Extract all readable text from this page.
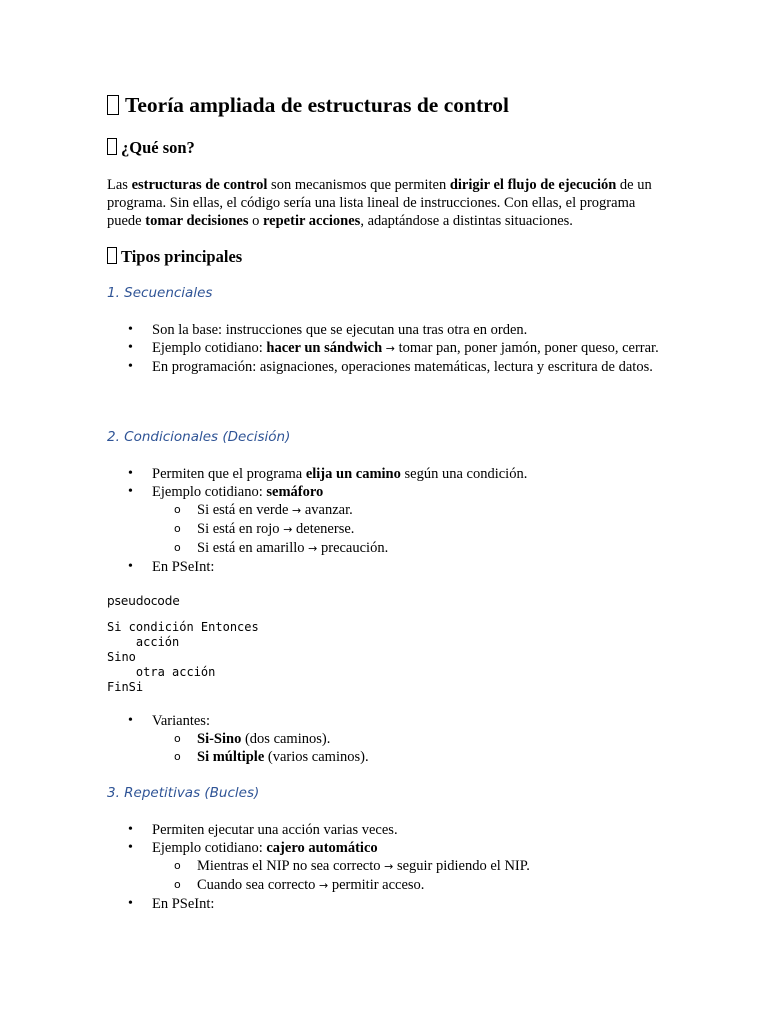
Teoría ampliada de estructuras de control
¿Qué son?
Las estructuras de control son mecanismos que permiten dirigir el flujo de ejecución de un programa. Sin ellas, el código sería una lista lineal de instrucciones. Con ellas, el programa puede tomar decisiones o repetir acciones, adaptándose a distintas situaciones.
Tipos principales
1. Secuenciales
• Son la base: instrucciones que se ejecutan una tras otra en orden.
• Ejemplo cotidiano: hacer un sándwich → tomar pan, poner jamón, poner queso, cerrar.
• En programación: asignaciones, operaciones matemáticas, lectura y escritura de datos.
2. Condicionales (Decisión)
• Permiten que el programa elija un camino según una condición.
• Ejemplo cotidiano: semáforo
o Si está en verde → avanzar.
o Si está en rojo → detenerse.
o Si está en amarillo → precaución.
• En PSeInt:
pseudocode
Si condición Entonces
acción
Sino
otra acción
FinSi
• Variantes:
o Si-Sino (dos caminos).
o Si múltiple (varios caminos).
3. Repetitivas (Bucles)
• Permiten ejecutar una acción varias veces.
• Ejemplo cotidiano: cajero automático
o Mientras el NIP no sea correcto → seguir pidiendo el NIP.
o Cuando sea correcto → permitir acceso.
• En PSeInt:
